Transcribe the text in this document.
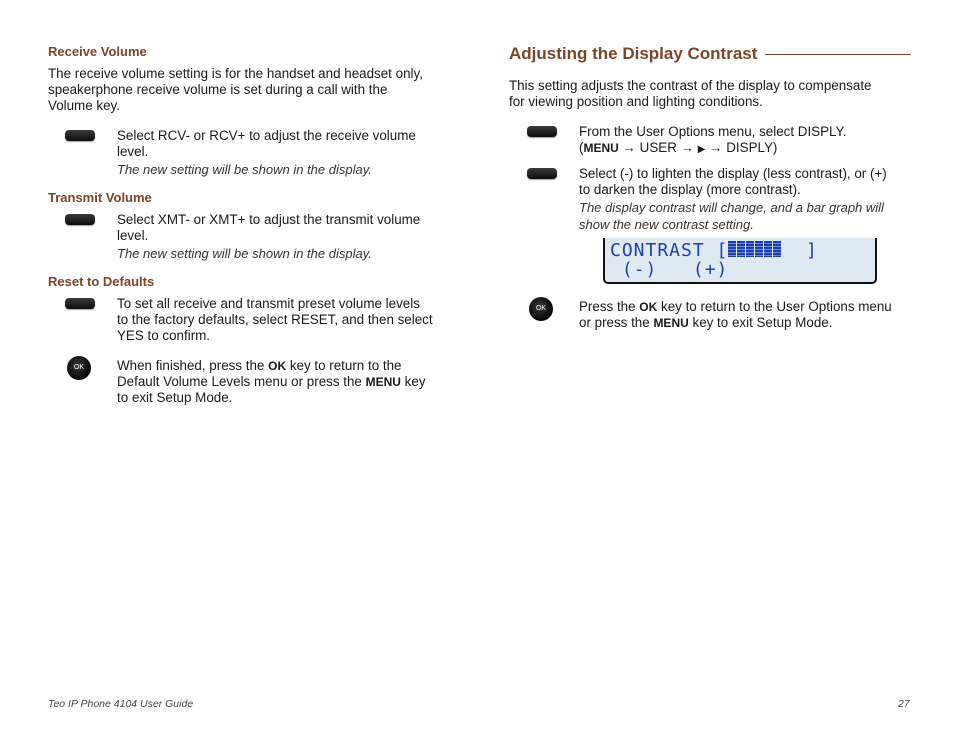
Receive Volume
The receive volume setting is for the handset and headset only,
speakerphone receive volume is set during a call with the
Volume key.
Select RCV- or RCV+ to adjust the receive volume
level.
The new setting will be shown in the display.
Transmit Volume
Select XMT- or XMT+ to adjust the transmit volume
level.
The new setting will be shown in the display.
Reset to Defaults
To set all receive and transmit preset volume levels
to the factory defaults, select RESET, and then select
YES to confirm.
OK	When finished, press the OK key to return to the
Default Volume Levels menu or press the MENU key
to exit Setup Mode.
Adjusting the Display Contrast
This setting adjusts the contrast of the display to compensate
for viewing position and lighting conditions.
From the User Options menu, select DISPLY.
(MENU → USER → ▶ → DISPLY)
Select (-) to lighten the display (less contrast), or (+)
to darken the display (more contrast).
The display contrast will change, and a bar graph will
show the new contrast setting.
CONTRAST [	]
(-)   (+)
OK	Press the OK key to return to the User Options menu
or press the MENU key to exit Setup Mode.
Teo IP Phone 4104 User Guide	27
